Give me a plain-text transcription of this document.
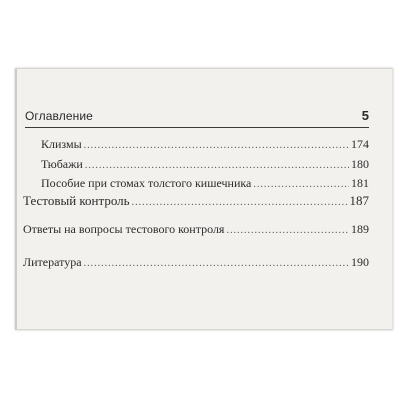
Оглавление	5
Клизмы .....	174
Тюбажи .....	180
Пособие при стомах толстого кишечника .....	181
Тестовый контроль .....	187
Ответы на вопросы тестового контроля .....	189
Литература .....	190
